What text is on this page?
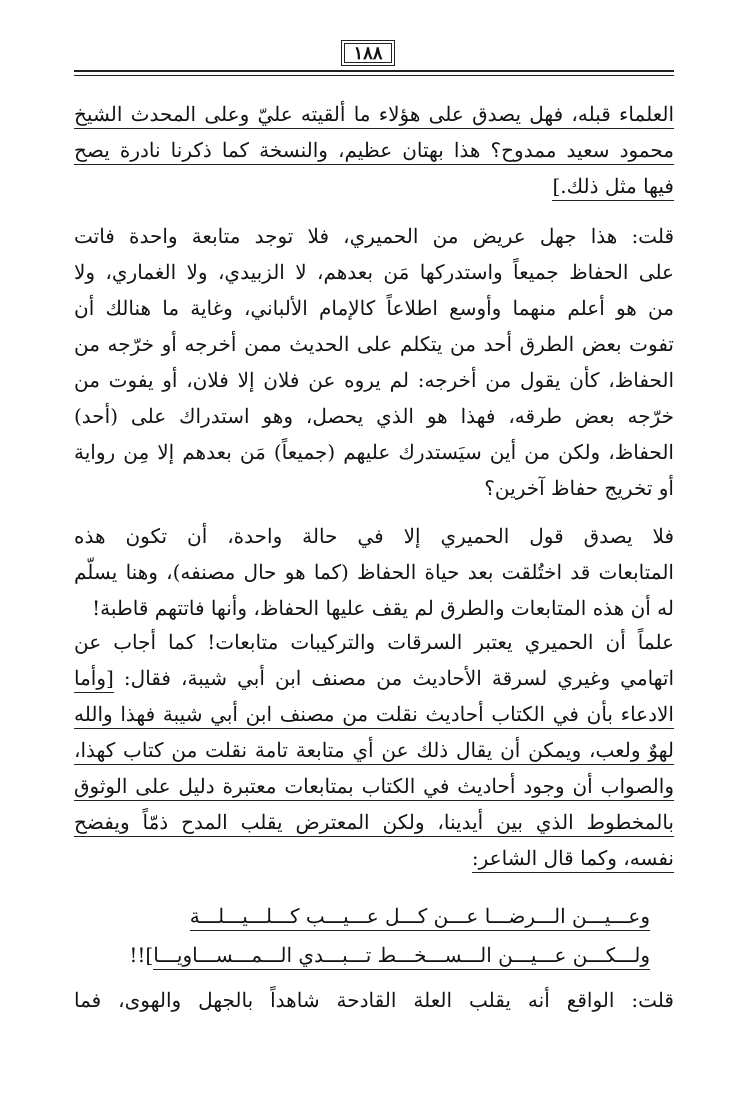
١٨٨
العلماء قبله، فهل يصدق على هؤلاء ما ألقيته عليّ وعلى المحدث الشيخ
محمود سعيد ممدوح؟ هذا بهتان عظيم، والنسخة كما ذكرنا نادرة يصح
فيها مثل ذلك.]
قلت: هذا جهل عريض من الحميري، فلا توجد متابعة واحدة فاتت
على الحفاظ جميعاً واستدركها مَن بعدهم، لا الزبيدي، ولا الغماري، ولا
من هو أعلم منهما وأوسع اطلاعاً كالإمام الألباني، وغاية ما هنالك أن
تفوت بعض الطرق أحد من يتكلم على الحديث ممن أخرجه أو خرّجه من
الحفاظ، كأن يقول من أخرجه: لم يروه عن فلان إلا فلان، أو يفوت من
خرّجه بعض طرقه، فهذا هو الذي يحصل، وهو استدراك على (أحد)
الحفاظ، ولكن من أين سيَستدرك عليهم (جميعاً) مَن بعدهم إلا مِن رواية
أو تخريج حفاظ آخرين؟
فلا يصدق قول الحميري إلا في حالة واحدة، أن تكون هذه
المتابعات قد اختُلقت بعد حياة الحفاظ (كما هو حال مصنفه)، وهنا يسلّم
له أن هذه المتابعات والطرق لم يقف عليها الحفاظ، وأنها فاتتهم قاطبة!
علماً أن الحميري يعتبر السرقات والتركيبات متابعات! كما أجاب عن
اتهامي وغيري لسرقة الأحاديث من مصنف ابن أبي شيبة، فقال: [وأما
الادعاء بأن في الكتاب أحاديث نقلت من مصنف ابن أبي شيبة فهذا والله
لهوٌ ولعب، ويمكن أن يقال ذلك عن أي متابعة تامة نقلت من كتاب كهذا،
والصواب أن وجود أحاديث في الكتاب بمتابعات معتبرة دليل على الوثوق
بالمخطوط الذي بين أيدينا، ولكن المعترض يقلب المدح ذمّاً ويفضح
نفسه، وكما قال الشاعر:
وعـــيـــن الـــرضـــا عـــن كـــل عـــيـــب كـــلـــيـــلـــة
ولـــكـــن عـــيـــن الـــســـخـــط تـــبـــدي الـــمـــســـاويـــا]!!
قلت: الواقع أنه يقلب العلة القادحة شاهداً بالجهل والهوى، فما
